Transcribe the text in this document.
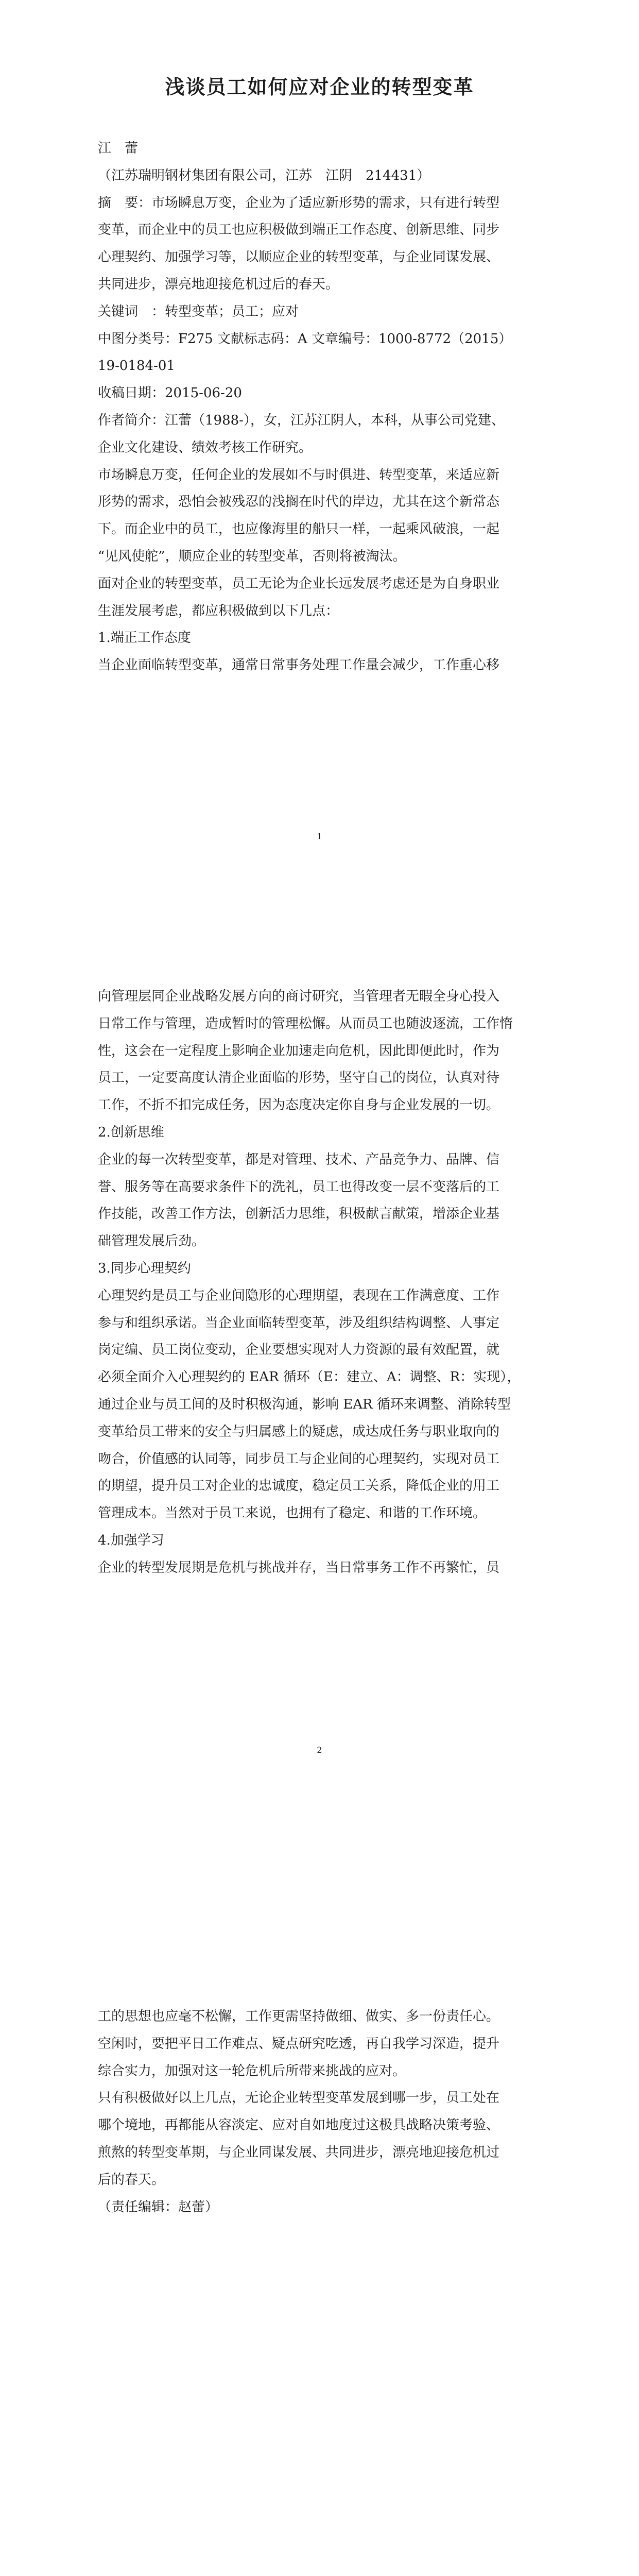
浅谈员工如何应对企业的转型变革
江　蕾
（江苏瑞明钢材集团有限公司，江苏　江阴　214431）
摘　要：市场瞬息万变，企业为了适应新形势的需求，只有进行转型
变革，而企业中的员工也应积极做到端正工作态度、创新思维、同步
心理契约、加强学习等，以顺应企业的转型变革，与企业同谋发展、
共同进步，漂亮地迎接危机过后的春天。
关键词　：转型变革；员工；应对
中图分类号：F275 文献标志码：A 文章编号：1000-8772（2015）
19-0184-01
收稿日期：2015-06-20
作者简介：江蕾（1988-），女，江苏江阴人，本科，从事公司党建、
企业文化建设、绩效考核工作研究。
市场瞬息万变，任何企业的发展如不与时俱进、转型变革，来适应新
形势的需求，恐怕会被残忍的浅搁在时代的岸边，尤其在这个新常态
下。而企业中的员工，也应像海里的船只一样，一起乘风破浪，一起
“见风使舵”，顺应企业的转型变革，否则将被淘汰。
面对企业的转型变革，员工无论为企业长远发展考虑还是为自身职业
生涯发展考虑，都应积极做到以下几点：
1.端正工作态度
当企业面临转型变革，通常日常事务处理工作量会减少，工作重心移
1
向管理层同企业战略发展方向的商讨研究，当管理者无暇全身心投入
日常工作与管理，造成暂时的管理松懈。从而员工也随波逐流，工作惰
性，这会在一定程度上影响企业加速走向危机，因此即便此时，作为
员工，一定要高度认清企业面临的形势，坚守自己的岗位，认真对待
工作，不折不扣完成任务，因为态度决定你自身与企业发展的一切。
2.创新思维
企业的每一次转型变革，都是对管理、技术、产品竞争力、品牌、信
誉、服务等在高要求条件下的洗礼，员工也得改变一层不变落后的工
作技能，改善工作方法，创新活力思维，积极献言献策，增添企业基
础管理发展后劲。
3.同步心理契约
心理契约是员工与企业间隐形的心理期望，表现在工作满意度、工作
参与和组织承诺。当企业面临转型变革，涉及组织结构调整、人事定
岗定编、员工岗位变动，企业要想实现对人力资源的最有效配置，就
必须全面介入心理契约的 EAR 循环（E：建立、A：调整、R：实现），
通过企业与员工间的及时积极沟通，影响 EAR 循环来调整、消除转型
变革给员工带来的安全与归属感上的疑虑，成达成任务与职业取向的
吻合，价值感的认同等，同步员工与企业间的心理契约，实现对员工
的期望，提升员工对企业的忠诚度，稳定员工关系，降低企业的用工
管理成本。当然对于员工来说，也拥有了稳定、和谐的工作环境。
4.加强学习
企业的转型发展期是危机与挑战并存，当日常事务工作不再繁忙，员
2
工的思想也应毫不松懈，工作更需坚持做细、做实、多一份责任心。
空闲时，要把平日工作难点、疑点研究吃透，再自我学习深造，提升
综合实力，加强对这一轮危机后所带来挑战的应对。
只有积极做好以上几点，无论企业转型变革发展到哪一步，员工处在
哪个境地，再都能从容淡定、应对自如地度过这极具战略决策考验、
煎熬的转型变革期，与企业同谋发展、共同进步，漂亮地迎接危机过
后的春天。
（责任编辑：赵蕾）
